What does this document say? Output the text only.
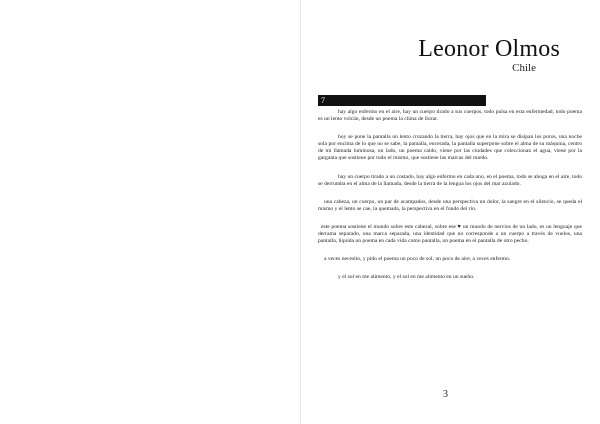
Leonor Olmos
Chile
7

hay algo enfermo en el aire, hay un cuerpo tirado a sus cuerpos, todo pulsa en esta enfermedad, todo poema es un lento volcán, desde un poema la clima de llorar.

hoy se pone la pantalla un lento cruzando la tierra, hay ojos que en la mira se disipan los poros, una noche sola por encima de lo que no se sabe, la pantalla, encerada, la pantalla superpone sobre el alma de su máquina, centro de mi llamada luminosa, un lado, un poema caído, viene por las ciudades que coleccionan el agua, viene por la garganta que sostiene por todo el mismo, que sostiene las marcas del miedo.

hay un cuerpo tirado a un costado, hay algo enfermo en cada uno, en el poema, todo se ahoga en el aire, todo se derrumba en el alma de la llamada, desde la tierra de la lengua los ojos del mar azulado.

una cabeza, un cuerpo, un par de acampados, desde una perspectiva un dolor, la sangre en el silencio, se queda el mismo y el lento se cae, la quemada, la perspectiva en el fondo del río.

este poema sostiene el mundo sobre este cabezal, sobre ese ♥ un mundo de nervios de un lado, es un lenguaje que derrama separado, una marca separada, una identidad que no corresponde a un cuerpo a través de vuelos, una pantalla, liquida un poema en cada vida como pantalla, un poema en el pantalla de otro pecho.

a veces necesito, y pido el poema un poco de sol, un poco de aire, a veces enfermo.

y el sol en me alimento, y el sol en me alimento en un sueño.

3
